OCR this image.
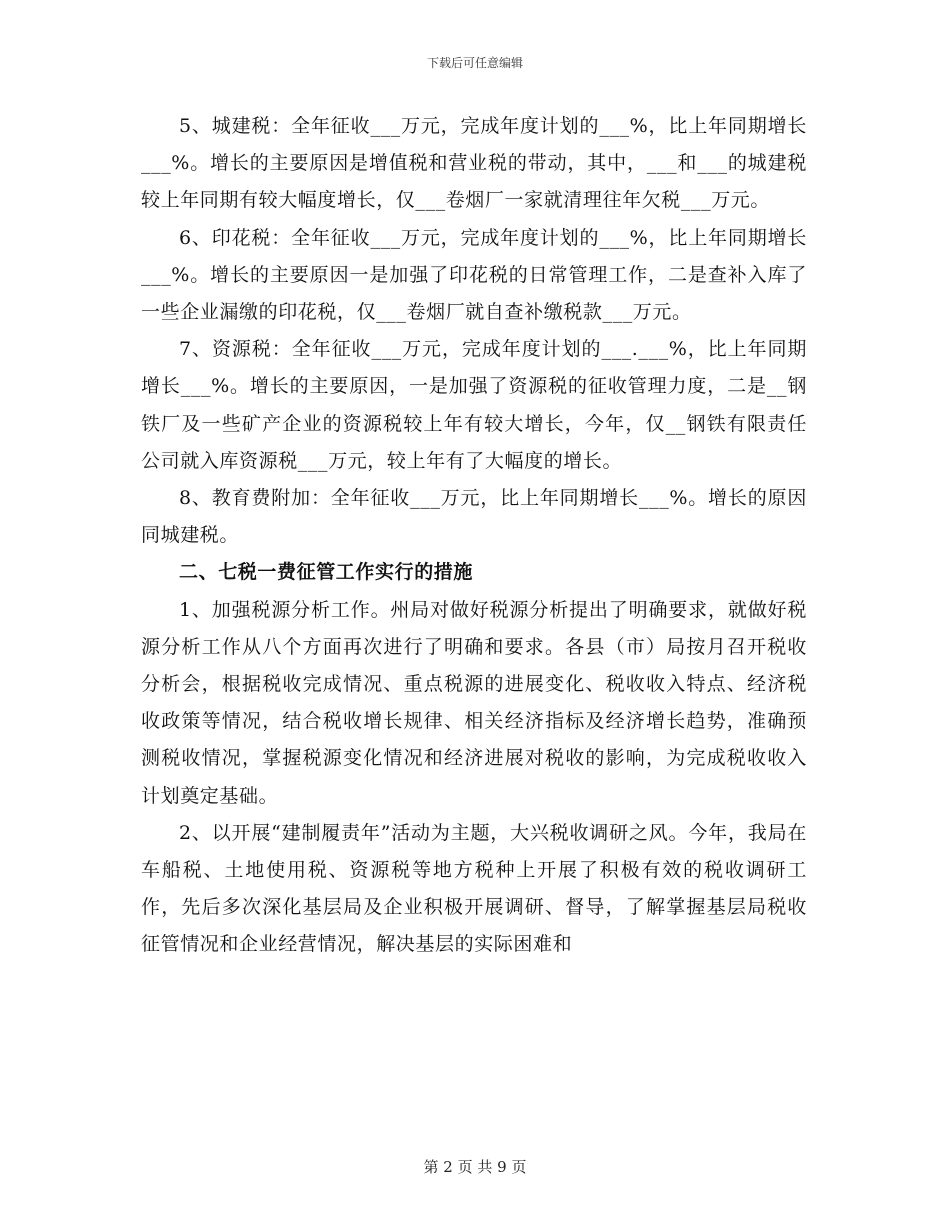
下载后可任意编辑

5、城建税：全年征收___万元，完成年度计划的___%，比上年同期增长___%。增长的主要原因是增值税和营业税的带动，其中，___和___的城建税较上年同期有较大幅度增长，仅___卷烟厂一家就清理往年欠税___万元。

6、印花税：全年征收___万元，完成年度计划的___%，比上年同期增长___%。增长的主要原因一是加强了印花税的日常管理工作，二是查补入库了一些企业漏缴的印花税，仅___卷烟厂就自查补缴税款___万元。

7、资源税：全年征收___万元，完成年度计划的___.___%，比上年同期增长___%。增长的主要原因，一是加强了资源税的征收管理力度，二是__钢铁厂及一些矿产企业的资源税较上年有较大增长，今年，仅__钢铁有限责任公司就入库资源税___万元，较上年有了大幅度的增长。

8、教育费附加：全年征收___万元，比上年同期增长___%。增长的原因同城建税。

二、七税一费征管工作实行的措施

1、加强税源分析工作。州局对做好税源分析提出了明确要求，就做好税源分析工作从八个方面再次进行了明确和要求。各县（市）局按月召开税收分析会，根据税收完成情况、重点税源的进展变化、税收收入特点、经济税收政策等情况，结合税收增长规律、相关经济指标及经济增长趋势，准确预测税收情况，掌握税源变化情况和经济进展对税收的影响，为完成税收收入计划奠定基础。

2、以开展“建制履责年”活动为主题，大兴税收调研之风。今年，我局在车船税、土地使用税、资源税等地方税种上开展了积极有效的税收调研工作，先后多次深化基层局及企业积极开展调研、督导，了解掌握基层局税收征管情况和企业经营情况，解决基层的实际困难和

第 2 页 共 9 页
